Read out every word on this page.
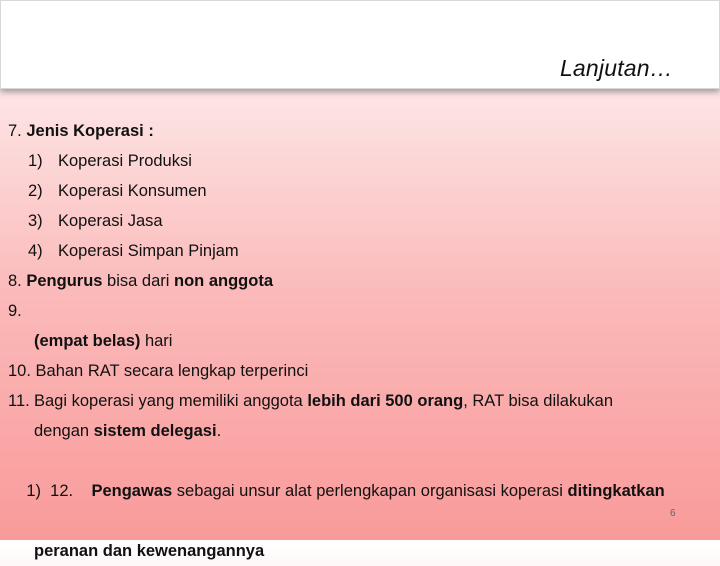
Lanjutan…
7. Jenis Koperasi :
1) Koperasi Produksi
2) Koperasi Konsumen
3) Koperasi Jasa
4) Koperasi Simpan Pinjam
8. Pengurus bisa dari non anggota
9.
(empat belas) hari
10. Bahan RAT secara lengkap terperinci
11. Bagi koperasi yang memiliki anggota lebih dari 500 orang, RAT bisa dilakukan
dengan sistem delegasi.

1)  12.    Pengawas sebagai unsur alat perlengkapan organisasi koperasi ditingkatkan

peranan dan kewenangannya
6
